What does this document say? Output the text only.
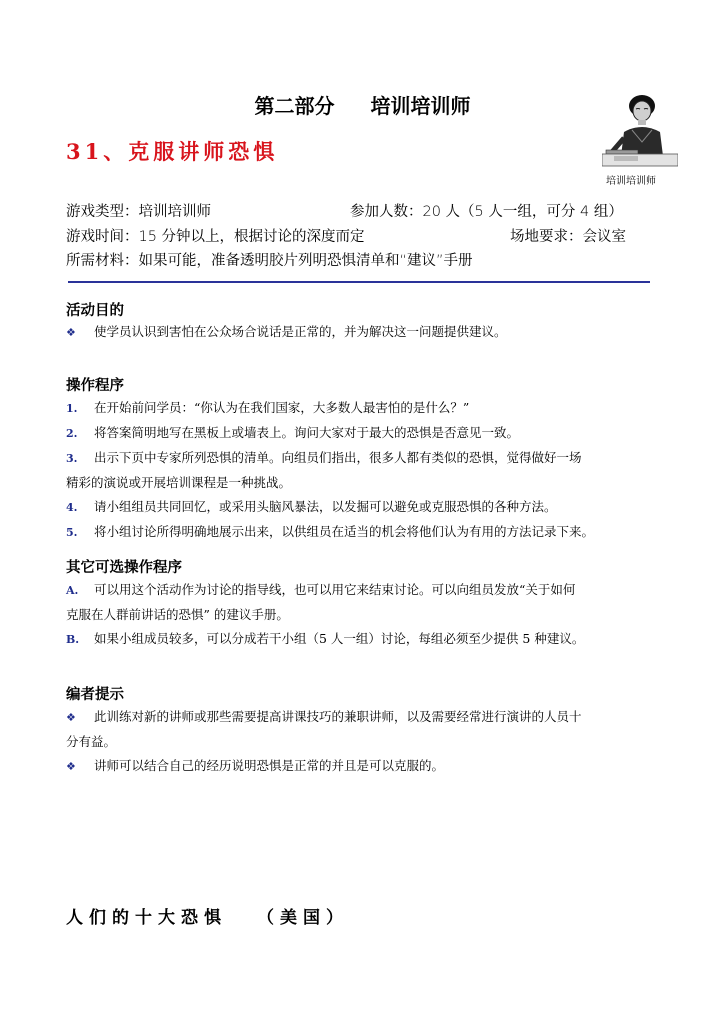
第二部分 培训培训师
31、克服讲师恐惧
培训培训师
游戏类型：培训培训师	参加人数：20 人（5 人一组，可分 4 组）
游戏时间：15 分钟以上，根据讨论的深度而定	场地要求：会议室
所需材料：如果可能，准备透明胶片列明恐惧清单和“建议”手册
活动目的
❖ 使学员认识到害怕在公众场合说话是正常的，并为解决这一问题提供建议。
操作程序
1. 在开始前问学员：“你认为在我们国家，大多数人最害怕的是什么？”
2. 将答案简明地写在黑板上或墙表上。询问大家对于最大的恐惧是否意见一致。
3. 出示下页中专家所列恐惧的清单。向组员们指出，很多人都有类似的恐惧，觉得做好一场
精彩的演说或开展培训课程是一种挑战。
4. 请小组组员共同回忆，或采用头脑风暴法，以发掘可以避免或克服恐惧的各种方法。
5. 将小组讨论所得明确地展示出来，以供组员在适当的机会将他们认为有用的方法记录下来。
其它可选操作程序
A. 可以用这个活动作为讨论的指导线，也可以用它来结束讨论。可以向组员发放“关于如何
克服在人群前讲话的恐惧” 的建议手册。
B. 如果小组成员较多，可以分成若干小组（5 人一组）讨论，每组必须至少提供 5 种建议。
编者提示
❖ 此训练对新的讲师或那些需要提高讲课技巧的兼职讲师，以及需要经常进行演讲的人员十
分有益。
❖ 讲师可以结合自己的经历说明恐惧是正常的并且是可以克服的。
人们的十大恐惧 （美国）
